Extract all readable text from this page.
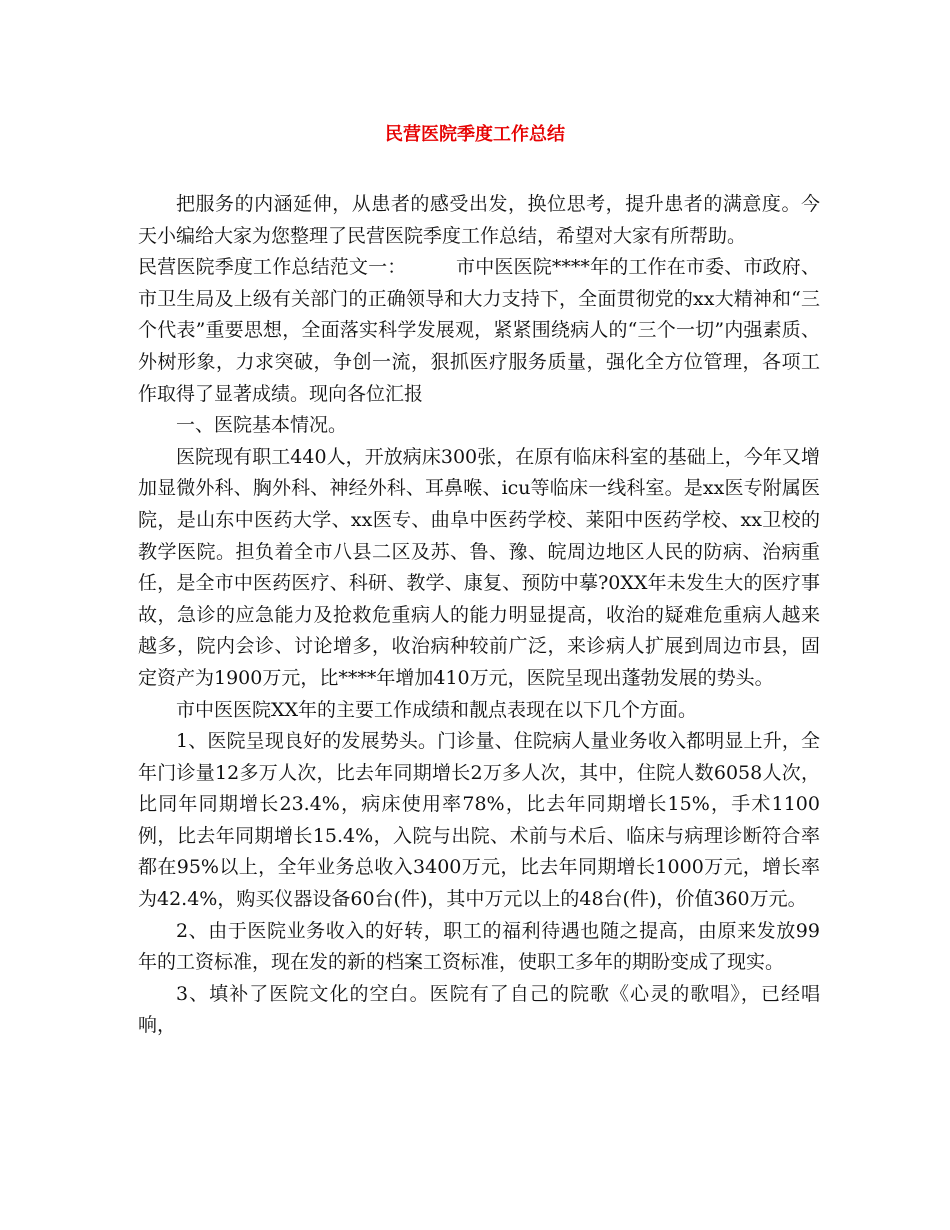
民营医院季度工作总结

把服务的内涵延伸，从患者的感受出发，换位思考，提升患者的满意度。今天小编给大家为您整理了民营医院季度工作总结，希望对大家有所帮助。

民营医院季度工作总结范文一：	市中医医院****年的工作在市委、市政府、市卫生局及上级有关部门的正确领导和大力支持下，全面贯彻党的xx大精神和“三个代表”重要思想，全面落实科学发展观，紧紧围绕病人的“三个一切”内强素质、外树形象，力求突破，争创一流，狠抓医疗服务质量，强化全方位管理，各项工作取得了显著成绩。现向各位汇报

一、医院基本情况。

医院现有职工440人，开放病床300张，在原有临床科室的基础上，今年又增加显微外科、胸外科、神经外科、耳鼻喉、icu等临床一线科室。是xx医专附属医院，是山东中医药大学、xx医专、曲阜中医药学校、莱阳中医药学校、xx卫校的教学医院。担负着全市八县二区及苏、鲁、豫、皖周边地区人民的防病、治病重任，是全市中医药医疗、科研、教学、康复、预防中摹?0XX年未发生大的医疗事故，急诊的应急能力及抢救危重病人的能力明显提高，收治的疑难危重病人越来越多，院内会诊、讨论增多，收治病种较前广泛，来诊病人扩展到周边市县，固定资产为1900万元，比****年增加410万元，医院呈现出蓬勃发展的势头。

市中医医院XX年的主要工作成绩和靓点表现在以下几个方面。

1、医院呈现良好的发展势头。门诊量、住院病人量业务收入都明显上升，全年门诊量12多万人次，比去年同期增长2万多人次，其中，住院人数6058人次，比同年同期增长23.4%，病床使用率78%，比去年同期增长15%，手术1100例，比去年同期增长15.4%，入院与出院、术前与术后、临床与病理诊断符合率都在95%以上，全年业务总收入3400万元，比去年同期增长1000万元，增长率为42.4%，购买仪器设备60台(件)，其中万元以上的48台(件)，价值360万元。

2、由于医院业务收入的好转，职工的福利待遇也随之提高，由原来发放99年的工资标准，现在发的新的档案工资标准，使职工多年的期盼变成了现实。

3、填补了医院文化的空白。医院有了自己的院歌《心灵的歌唱》，已经唱响，
